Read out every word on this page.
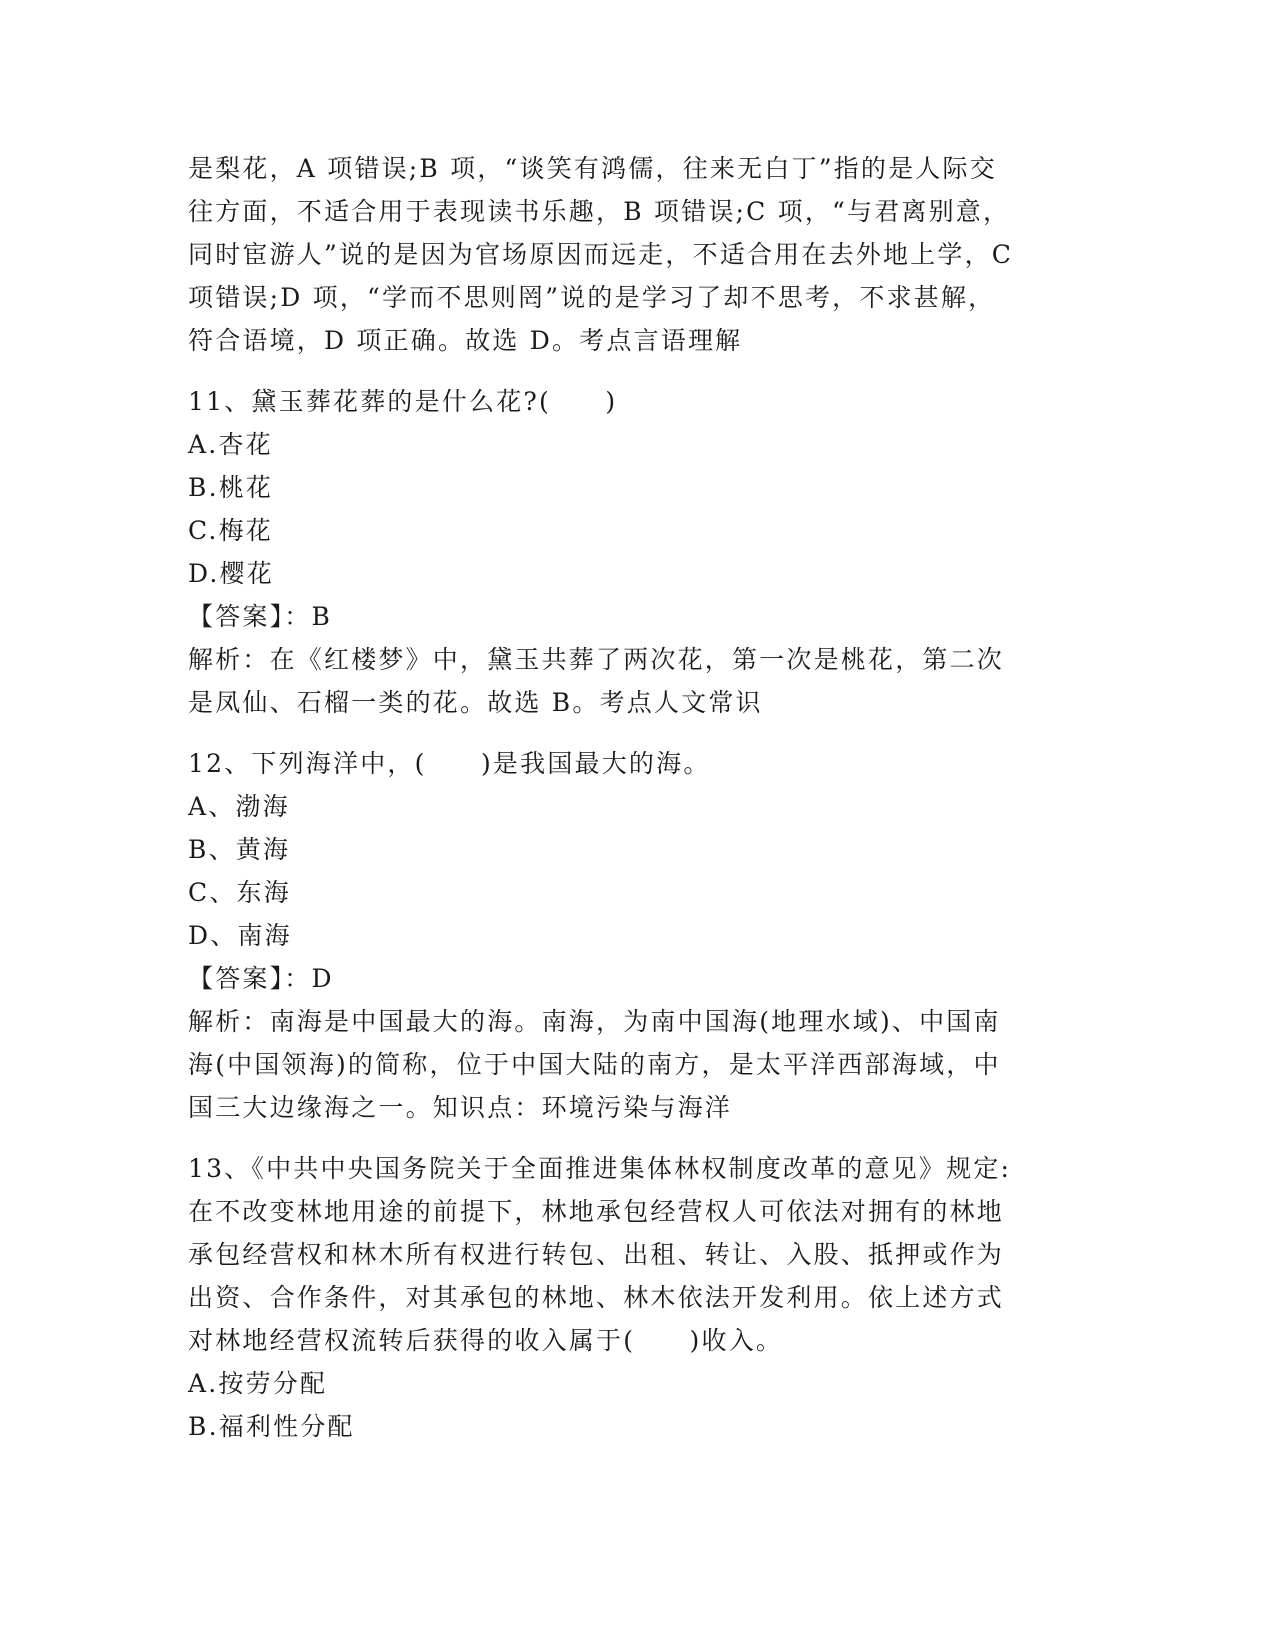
是梨花，A 项错误;B 项，“谈笑有鸿儒，往来无白丁”指的是人际交
往方面，不适合用于表现读书乐趣，B 项错误;C 项，“与君离别意，
同时宦游人”说的是因为官场原因而远走，不适合用在去外地上学，C
项错误;D 项，“学而不思则罔”说的是学习了却不思考，不求甚解，
符合语境，D 项正确。故选 D。考点言语理解
11、黛玉葬花葬的是什么花?(　　)
A.杏花
B.桃花
C.梅花
D.樱花
【答案】：B
解析：在《红楼梦》中，黛玉共葬了两次花，第一次是桃花，第二次
是凤仙、石榴一类的花。故选 B。考点人文常识
12、下列海洋中，(　　)是我国最大的海。
A、渤海
B、黄海
C、东海
D、南海
【答案】：D
解析：南海是中国最大的海。南海，为南中国海(地理水域)、中国南
海(中国领海)的简称，位于中国大陆的南方，是太平洋西部海域，中
国三大边缘海之一。知识点：环境污染与海洋
13、《中共中央国务院关于全面推进集体林权制度改革的意见》规定:
在不改变林地用途的前提下，林地承包经营权人可依法对拥有的林地
承包经营权和林木所有权进行转包、出租、转让、入股、抵押或作为
出资、合作条件，对其承包的林地、林木依法开发利用。依上述方式
对林地经营权流转后获得的收入属于(　　)收入。
A.按劳分配
B.福利性分配
